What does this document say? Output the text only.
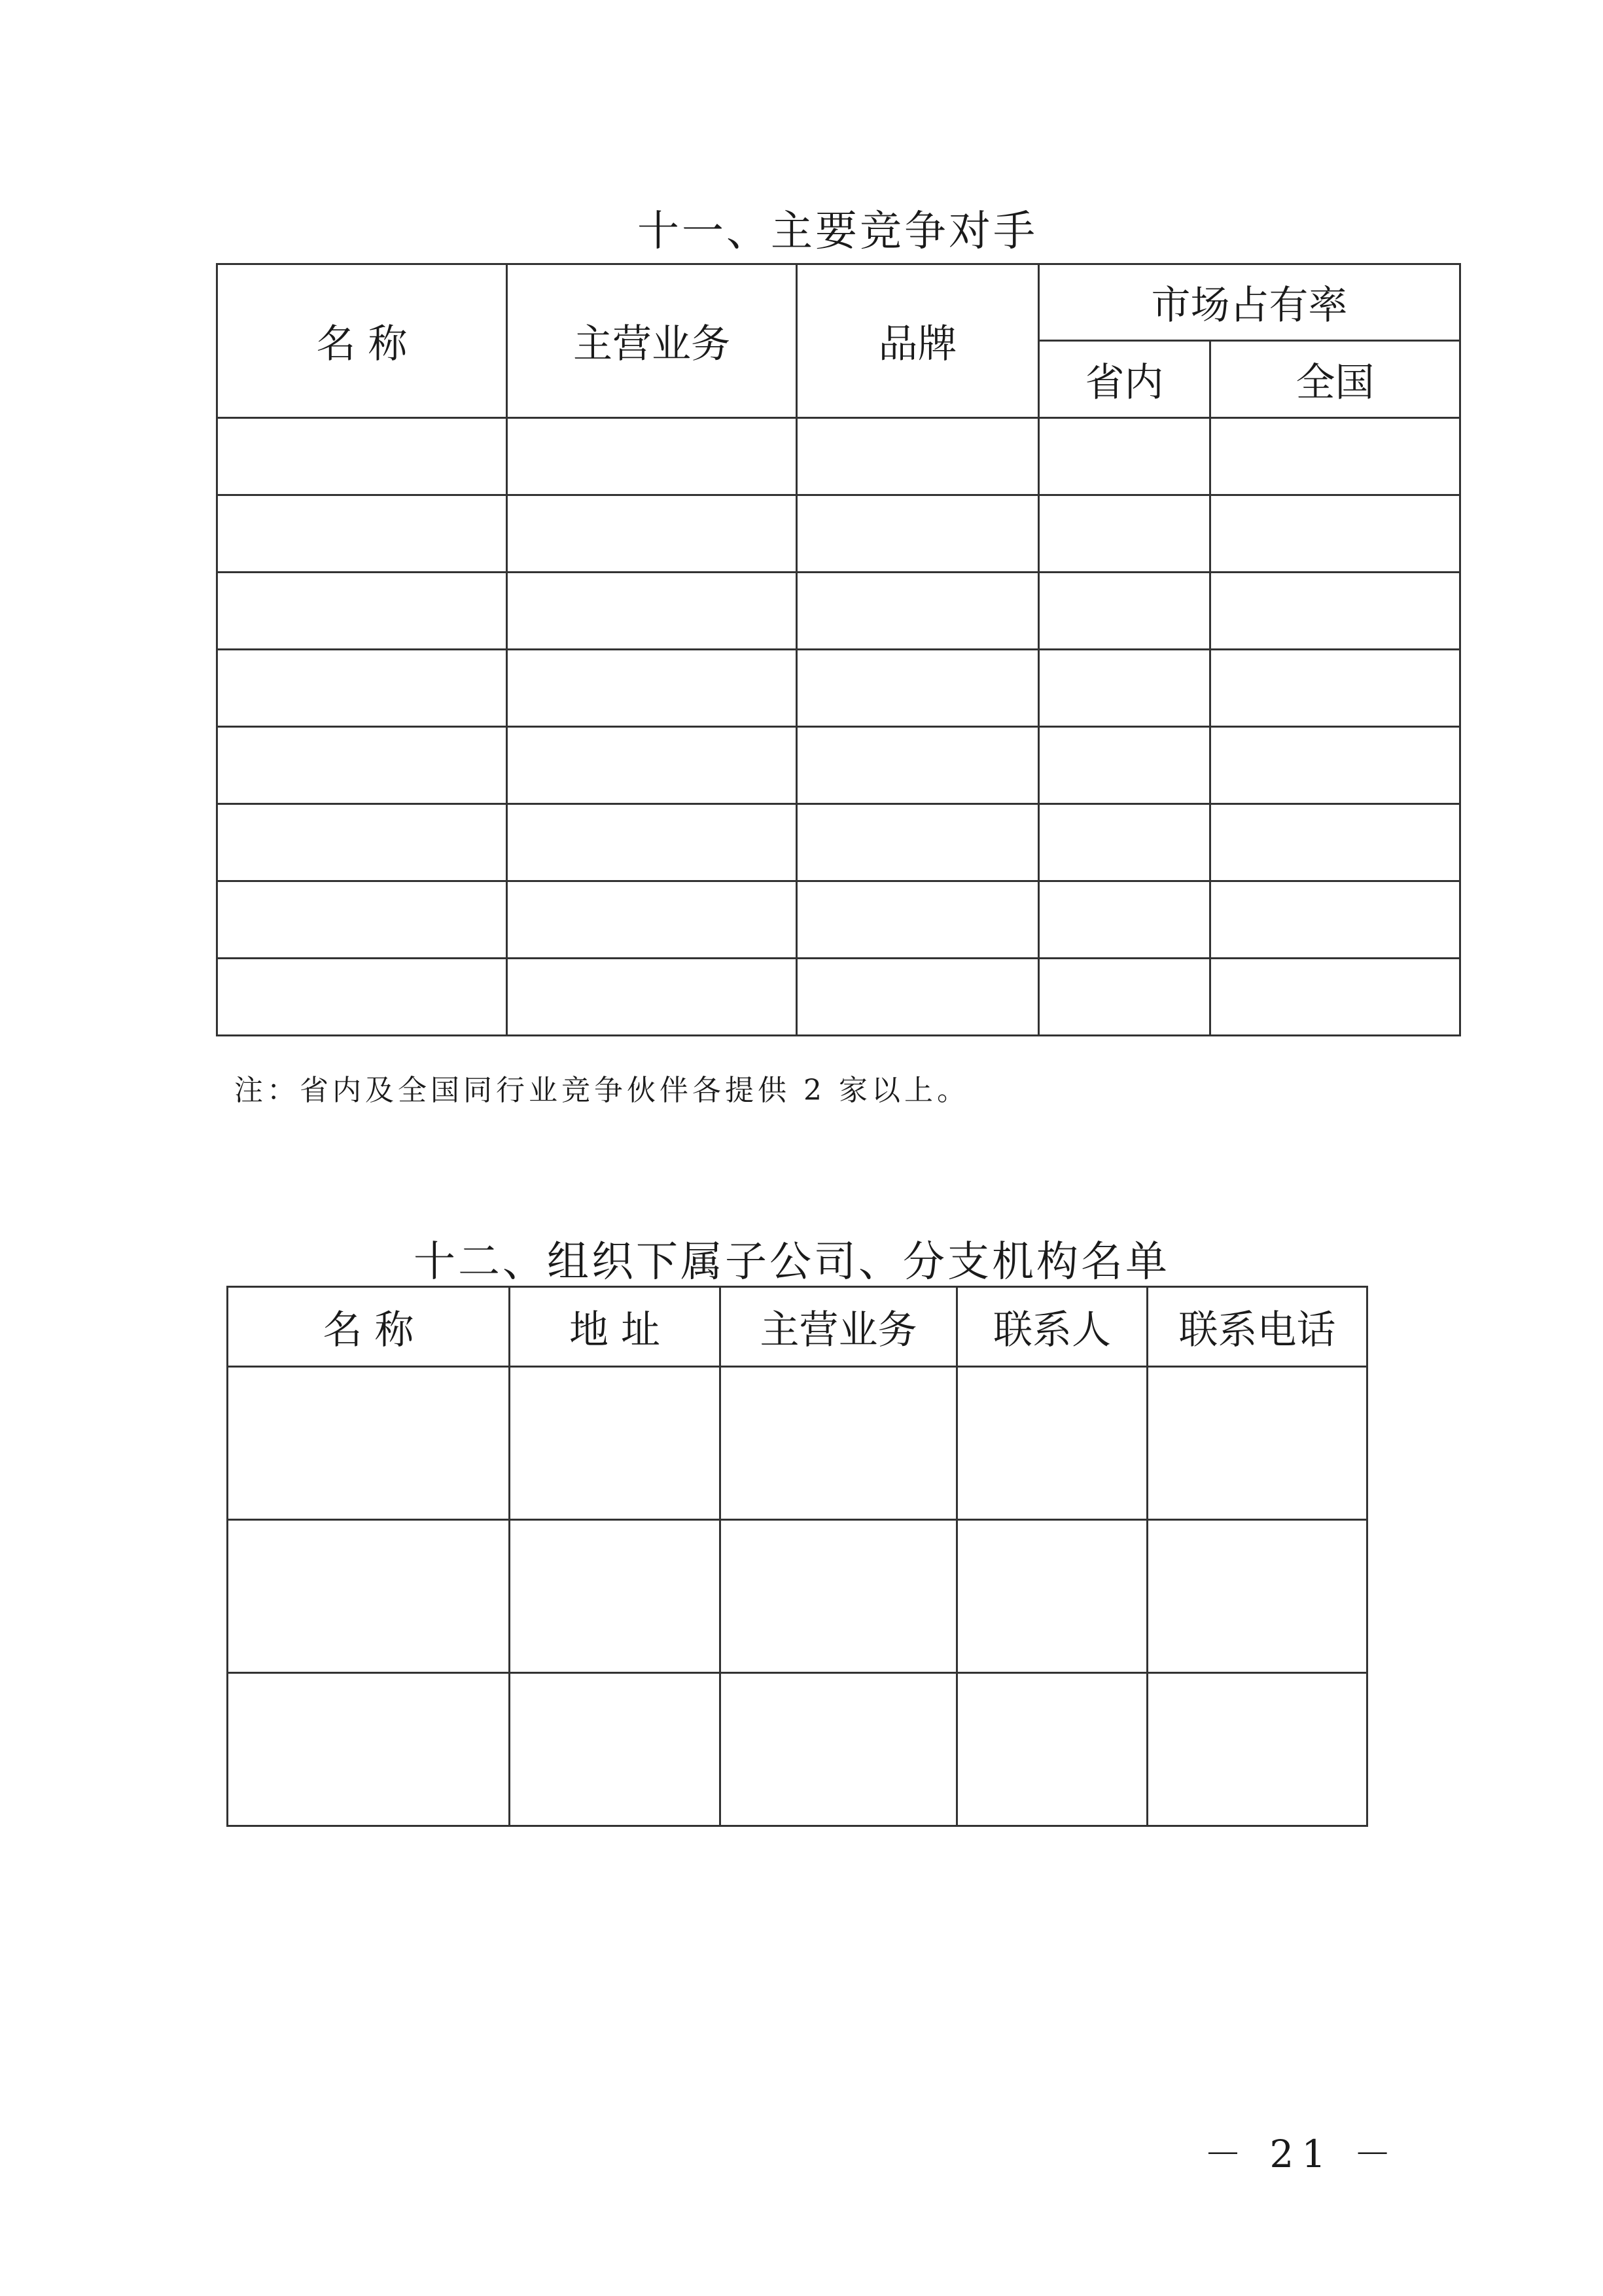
十一、主要竞争对手
名 称	主营业务	品牌	市场占有率	
			省内	全国

注：省内及全国同行业竞争伙伴各提供 2 家以上。
十二、组织下属子公司、分支机构名单
名 称	地 址	主营业务	联系人	联系电话

－ 21 －
